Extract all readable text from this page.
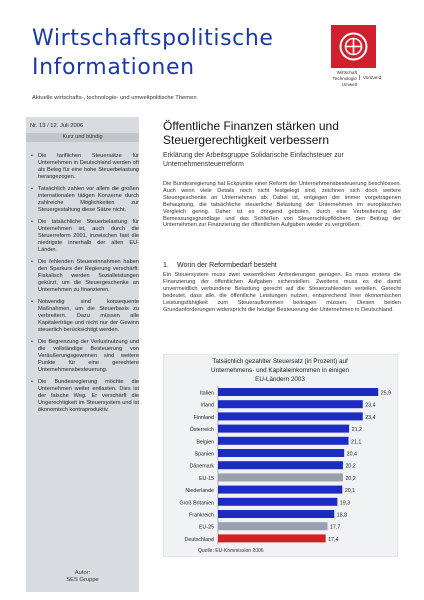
Wirtschaftspolitische
Informationen
Aktuelle wirtschafts-, technologie- und umweltpolitische Themen
Wirtschaft
Technologie
Umwelt
Vorstand
Nr. 13 / 12. Juli 2006
Kurz und bündig
• Die tariflichen Steuersätze für Unternehmen in Deutschland werden oft als Beleg für eine hohe Steuerbelastung herangezogen.
• Tatsächlich zahlen vor allem die großen internationalen tätigen Konzerne durch zahlreiche Möglichkeiten zur Steuergestaltung diese Sätze nicht.
• Die tatsächliche Steuerbelastung für Unternehmen ist, auch durch die Steuerreform 2001, inzwischen fast die niedrigste innerhalb der alten EU-Länder.
• Die fehlenden Steuereinnahmen haben den Sparkurs der Regierung verschärft. Fiskalisch werden Sozialleistungen gekürzt, um die Steuergeschenke an Unternehmen zu finanzieren.
• Notwendig sind konsequente Maßnahmen, um die Steuerbasis zu verbreitern. Dazu müssen alle Kapitalerträge und nicht nur der Gewinn steuerlich berücksichtigt werden.
• Die Begrenzung der Verlustnutzung und die vollständige Besteuerung von Veräußerungsgewinnen sind weitere Punkte für eine gerechtere Unternehmensbesteuerung.
• Die Bundesregierung möchte die Unternehmen weiter entlasten. Dies ist der falsche Weg. Er verschärft die Ungerechtigkeit im Steuersystem und ist ökonomisch kontraproduktiv.
Autor:
SES Gruppe
Öffentliche Finanzen stärken und
Steuergerechtigkeit verbessern
Erklärung der Arbeitsgruppe Solidarische Einfachsteuer zur Unternehmensteuerreform

Die Bundesregierung hat Eckpunkte einer Reform der Unternehmensbesteuerung beschlossen. Auch wenn viele Details noch nicht festgelegt sind, zeichnen sich doch weitere Steuergeschenke an Unternehmen ab. Dabei ist, entgegen der immer vorgetragenen Behauptung, die tatsächliche steuerliche Belastung der Unternehmen im europäischen Vergleich gering. Daher ist es dringend geboten, durch eine Verbreiterung der Bemessungsgrundlage und das Schließen von Steuerschlupflöchern den Beitrag der Unternehmen zur Finanzierung der öffentlichen Aufgaben wieder zu vergrößern.

1. Worin der Reformbedarf besteht

Ein Steuersystem muss zwei wesentlichen Anforderungen genügen. Es muss erstens die Finanzierung der öffentlichen Aufgaben sicherstellen. Zweitens muss es die damit unvermeidlich verbundene Belastung gerecht auf die Steuerzahlenden verteilen. Gerecht bedeutet, dass alle, die öffentliche Leistungen nutzen, entsprechend ihrer ökonomischen Leistungsfähigkeit zum Steueraufkommen beitragen müssen. Diesen beiden Grundanforderungen widerspricht die heutige Besteuerung der Unternehmen in Deutschland.

Tatsächlich gezahlter Steuersatz (in Prozent) auf
Unternehmens- und Kapitaleinkommen in einigen
EU-Ländern 2003
Italien	25,9
Irland	23,4
Finnland	23,4
Österreich	21,2
Belgien	21,1
Spanien	20,4
Dänemark	20,2
EU-15	20,2
Niederlande	20,1
Groß Britanien	19,3
Frankreich	18,8
EU-25	17,7
Deutschland	17,4
Quelle: EU-Kommission 2006
